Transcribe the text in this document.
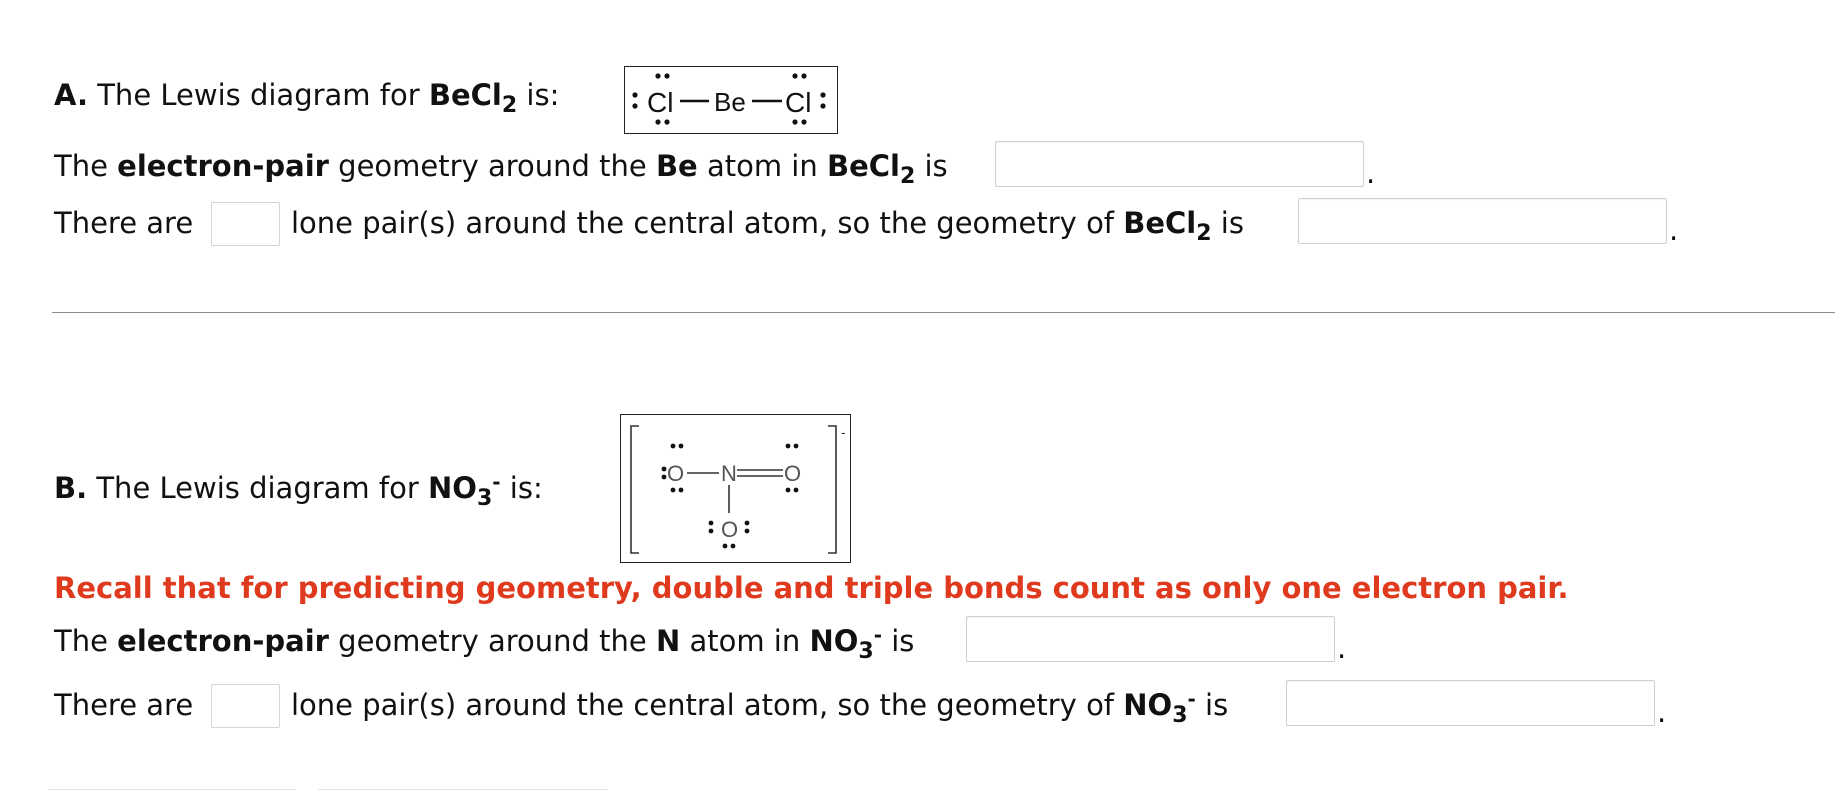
A. The Lewis diagram for BeCl$_2$ is:	Cl Be Cl
The electron-pair geometry around the Be atom in BeCl$_2$ is	.
There are	lone pair(s) around the central atom, so the geometry of BeCl$_2$ is	.
B. The Lewis diagram for $NO_3^-$ is:
-
O N O
O
Recall that for predicting geometry, double and triple bonds count as only one electron pair.
The electron-pair geometry around the N atom in $NO_3^-$ is	.
There are	lone pair(s) around the central atom, so the geometry of $NO_3^-$ is	.
